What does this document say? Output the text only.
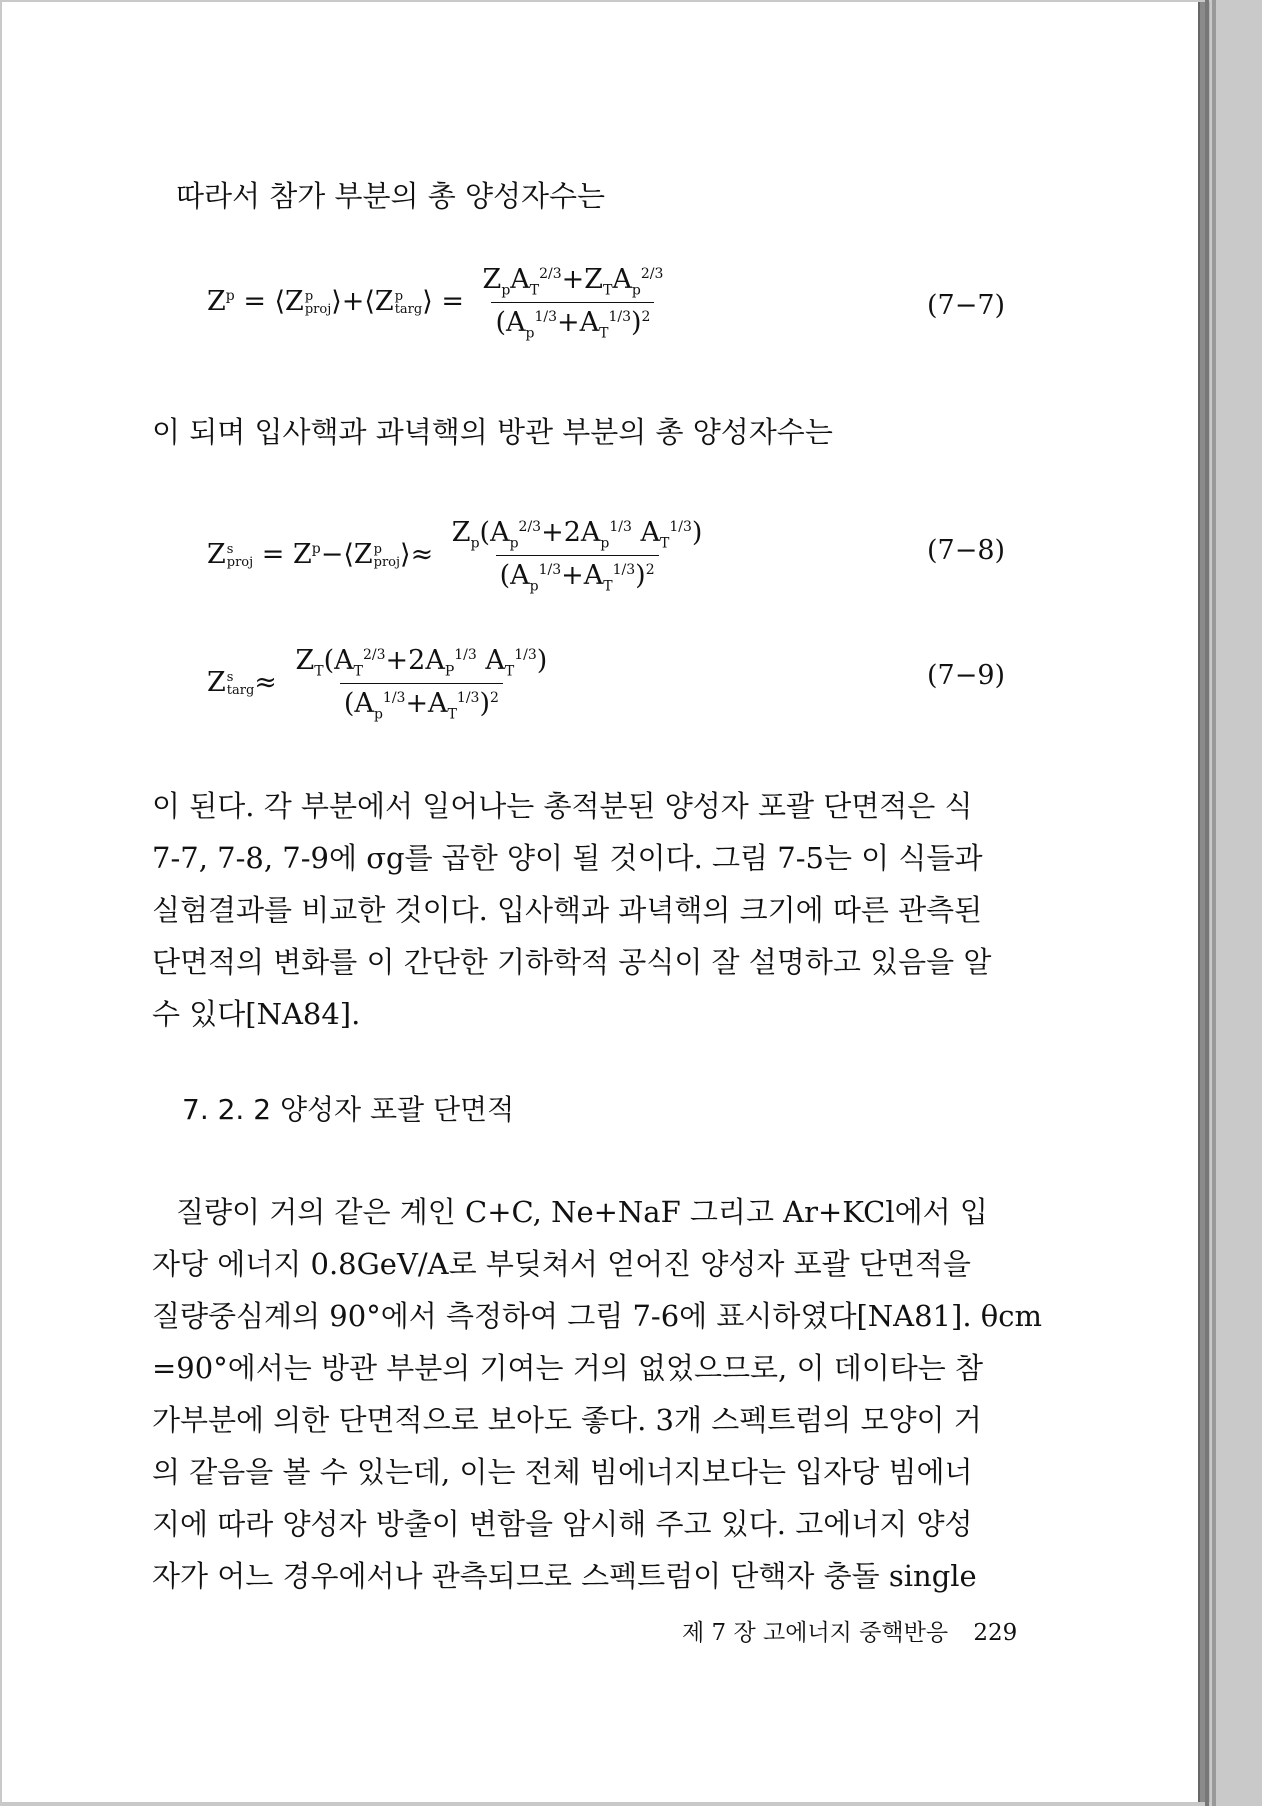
따라서 참가 부분의 총 양성자수는
$Z^p$ = ⟨Z p
proj ⟩+⟨Z p
targ ⟩ = $\frac{Z_pA_T^{2/3}+Z_TA_p^{2/3}}{(A_p^{1/3}+A_T^{1/3})^2}$	(7−7)
이 되며 입사핵과 과녁핵의 방관 부분의 총 양성자수는
Z s
proj = $Z^p-⟨Z$ p
proj ⟩≈ $\frac{Z_p(A_p^{2/3}+2A_p^{1/3} A_T^{1/3})}{(A_p^{1/3}+A_T^{1/3})^2}$	(7−8)
Z s
targ ≈ $\frac{Z_T(A_T^{2/3}+2A_P^{1/3} A_T^{1/3})}{(A_p^{1/3}+A_T^{1/3})^2}$	(7−9)
이 된다. 각 부분에서 일어나는 총적분된 양성자 포괄 단면적은 식
7-7, 7-8, 7-9에 σg를 곱한 양이 될 것이다. 그림 7-5는 이 식들과
실험결과를 비교한 것이다. 입사핵과 과녁핵의 크기에 따른 관측된
단면적의 변화를 이 간단한 기하학적 공식이 잘 설명하고 있음을 알
수 있다[NA84].
7. 2. 2 양성자 포괄 단면적
질량이 거의 같은 계인 C+C, Ne+NaF 그리고 Ar+KCl에서 입
자당 에너지 0.8GeV/A로 부딪쳐서 얻어진 양성자 포괄 단면적을
질량중심계의 90°에서 측정하여 그림 7-6에 표시하였다[NA81]. θcm
=90°에서는 방관 부분의 기여는 거의 없었으므로, 이 데이타는 참
가부분에 의한 단면적으로 보아도 좋다. 3개 스펙트럼의 모양이 거
의 같음을 볼 수 있는데, 이는 전체 빔에너지보다는 입자당 빔에너
지에 따라 양성자 방출이 변함을 암시해 주고 있다. 고에너지 양성
자가 어느 경우에서나 관측되므로 스펙트럼이 단핵자 충돌 single
제 7 장 고에너지 중핵반응 229
